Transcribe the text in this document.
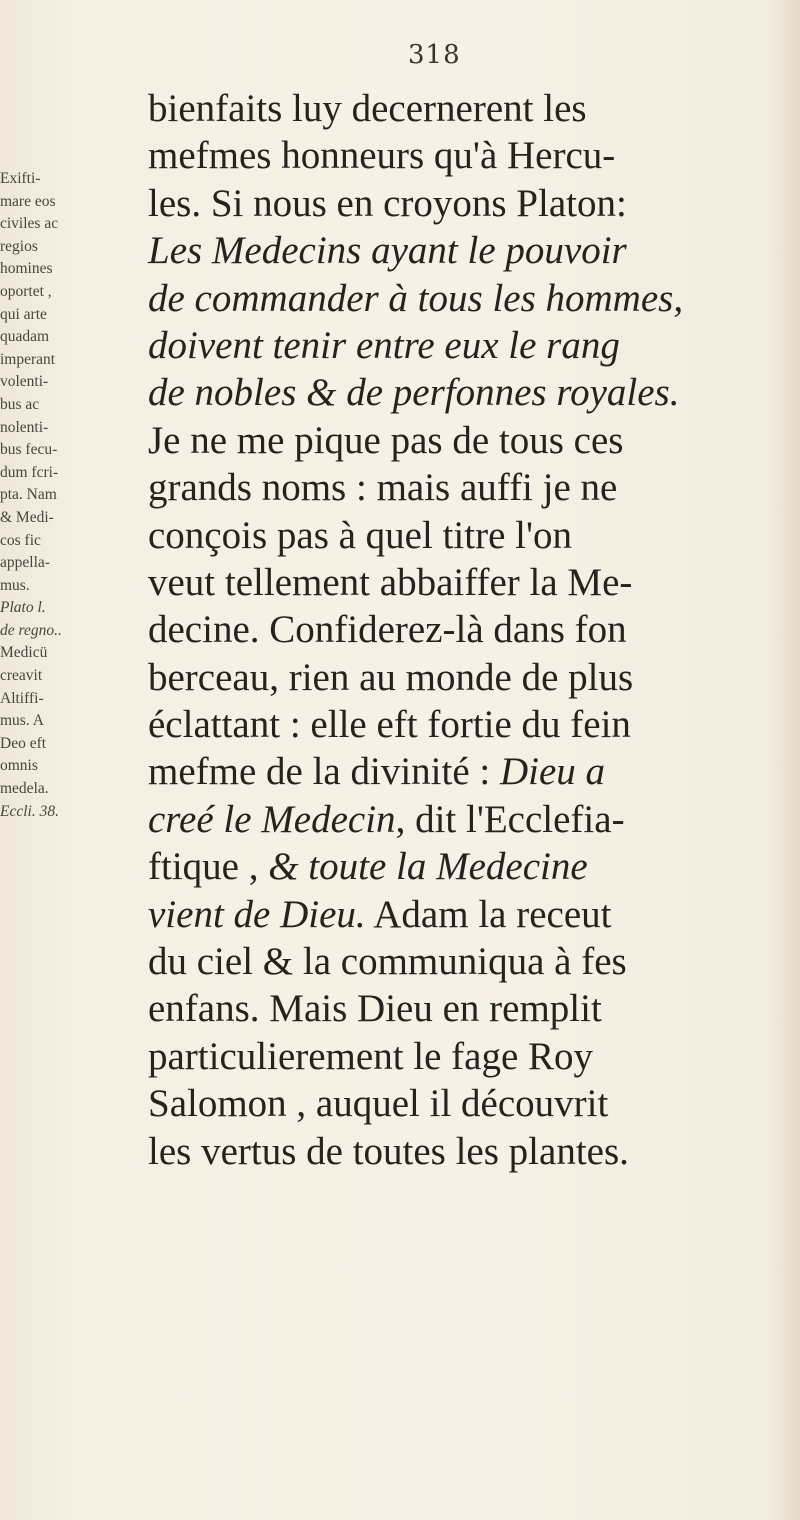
318
Exifti-
mare eos
civiles ac
regios
homines
oportet ,
qui arte
quadam
imperant
volenti-
bus ac
nolenti-
bus fecu-
dum fcri-
pta. Nam
& Medi-
cos fic
appella-
mus.
Plato l.
de regno..
Medicü
creavit
Altiffi-
mus. A
Deo eft
omnis
medela.
Eccli. 38.
bienfaits luy decernerent les
mefmes honneurs qu'à Hercu-
les. Si nous en croyons Platon:
Les Medecins ayant le pouvoir
de commander à tous les hommes,
doivent tenir entre eux le rang
de nobles & de perfonnes royales.
Je ne me pique pas de tous ces
grands noms : mais auffi je ne
conçois pas à quel titre l'on
veut tellement abbaiffer la Me-
decine. Confiderez-là dans fon
berceau, rien au monde de plus
éclattant : elle eft fortie du fein
mefme de la divinité : Dieu a
creé le Medecin, dit l'Ecclefia-
ftique , & toute la Medecine
vient de Dieu. Adam la receut
du ciel & la communiqua à fes
enfans. Mais Dieu en remplit
particulierement le fage Roy
Salomon , auquel il découvrit
les vertus de toutes les plantes.
